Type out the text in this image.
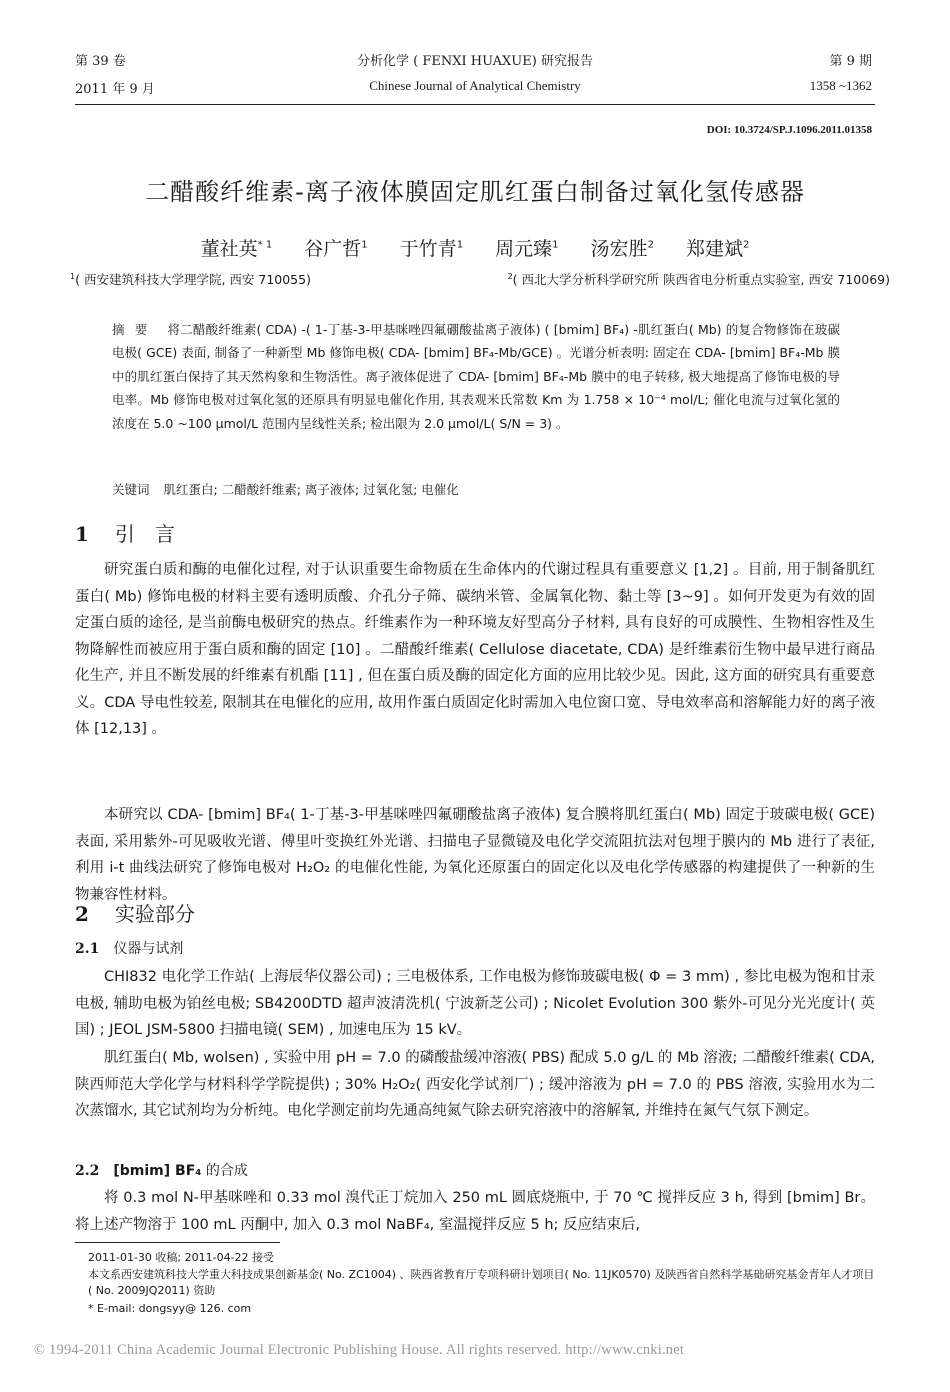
第 39 卷	分析化学 ( FENXI HUAXUE) 研究报告	第 9 期
2011 年 9 月	Chinese Journal of Analytical Chemistry	1358 ~1362
DOI: 10.3724/SP.J.1096.2011.01358
二醋酸纤维素-离子液体膜固定肌红蛋白制备过氧化氢传感器
董社英$^{* 1}$ 谷广哲$^1$ 于竹青$^1$ 周元臻$^1$ 汤宏胜$^2$ 郑建斌$^2$
$^1$( 西安建筑科技大学理学院, 西安 710055)	$^2$( 西北大学分析科学研究所 陕西省电分析重点实验室, 西安 710069)
摘要 将二醋酸纤维素( CDA) -( 1-丁基-3-甲基咪唑四氟硼酸盐离子液体) ( [bmim] BF₄) -肌红蛋白( Mb) 的复合物修饰在玻碳电极( GCE) 表面, 制备了一种新型 Mb 修饰电极( CDA- [bmim] BF₄-Mb/GCE) 。光谱分析表明: 固定在 CDA- [bmim] BF₄-Mb 膜中的肌红蛋白保持了其天然构象和生物活性。离子液体促进了 CDA- [bmim] BF₄-Mb 膜中的电子转移, 极大地提高了修饰电极的导电率。Mb 修饰电极对过氧化氢的还原具有明显电催化作用, 其表观米氏常数 Km 为 1.758 × 10⁻⁴ mol/L; 催化电流与过氧化氢的浓度在 5.0 ~100 μmol/L 范围内呈线性关系; 检出限为 2.0 μmol/L( S/N = 3) 。
关键词 肌红蛋白; 二醋酸纤维素; 离子液体; 过氧化氢; 电催化
1 引　言
研究蛋白质和酶的电催化过程, 对于认识重要生命物质在生命体内的代谢过程具有重要意义 [1,2] 。目前, 用于制备肌红蛋白( Mb) 修饰电极的材料主要有透明质酸、介孔分子筛、碳纳米管、金属氧化物、黏土等 [3~9] 。如何开发更为有效的固定蛋白质的途径, 是当前酶电极研究的热点。纤维素作为一种环境友好型高分子材料, 具有良好的可成膜性、生物相容性及生物降解性而被应用于蛋白质和酶的固定 [10] 。二醋酸纤维素( Cellulose diacetate, CDA) 是纤维素衍生物中最早进行商品化生产, 并且不断发展的纤维素有机酯 [11] , 但在蛋白质及酶的固定化方面的应用比较少见。因此, 这方面的研究具有重要意义。CDA 导电性较差, 限制其在电催化的应用, 故用作蛋白质固定化时需加入电位窗口宽、导电效率高和溶解能力好的离子液体 [12,13] 。
本研究以 CDA- [bmim] BF₄( 1-丁基-3-甲基咪唑四氟硼酸盐离子液体) 复合膜将肌红蛋白( Mb) 固定于玻碳电极( GCE) 表面, 采用紫外-可见吸收光谱、傅里叶变换红外光谱、扫描电子显微镜及电化学交流阻抗法对包埋于膜内的 Mb 进行了表征, 利用 i-t 曲线法研究了修饰电极对 H₂O₂ 的电催化性能, 为氧化还原蛋白的固定化以及电化学传感器的构建提供了一种新的生物兼容性材料。
2 实验部分
2.1 仪器与试剂
CHI832 电化学工作站( 上海辰华仪器公司) ; 三电极体系, 工作电极为修饰玻碳电极( Φ = 3 mm) , 参比电极为饱和甘汞电极, 辅助电极为铂丝电极; SB4200DTD 超声波清洗机( 宁波新芝公司) ; Nicolet Evolution 300 紫外-可见分光光度计( 英国) ; JEOL JSM-5800 扫描电镜( SEM) , 加速电压为 15 kV。
肌红蛋白( Mb, wolsen) , 实验中用 pH = 7.0 的磷酸盐缓冲溶液( PBS) 配成 5.0 g/L 的 Mb 溶液; 二醋酸纤维素( CDA, 陕西师范大学化学与材料科学学院提供) ; 30% H₂O₂( 西安化学试剂厂) ; 缓冲溶液为 pH = 7.0 的 PBS 溶液, 实验用水为二次蒸馏水, 其它试剂均为分析纯。电化学测定前均先通高纯氮气除去研究溶液中的溶解氧, 并维持在氮气气氛下测定。
2.2 [bmim] BF₄ 的合成
将 0.3 mol N-甲基咪唑和 0.33 mol 溴代正丁烷加入 250 mL 圆底烧瓶中, 于 70 ℃ 搅拌反应 3 h, 得到 [bmim] Br。将上述产物溶于 100 mL 丙酮中, 加入 0.3 mol NaBF₄, 室温搅拌反应 5 h; 反应结束后,
2011-01-30 收稿; 2011-04-22 接受
本文系西安建筑科技大学重大科技成果创新基金( No. ZC1004) 、陕西省教育厅专项科研计划项目( No. 11JK0570) 及陕西省自然科学基础研究基金青年人才项目( No. 2009JQ2011) 资助
* E-mail: dongsyy@ 126. com
© 1994-2011 China Academic Journal Electronic Publishing House. All rights reserved. http://www.cnki.net
